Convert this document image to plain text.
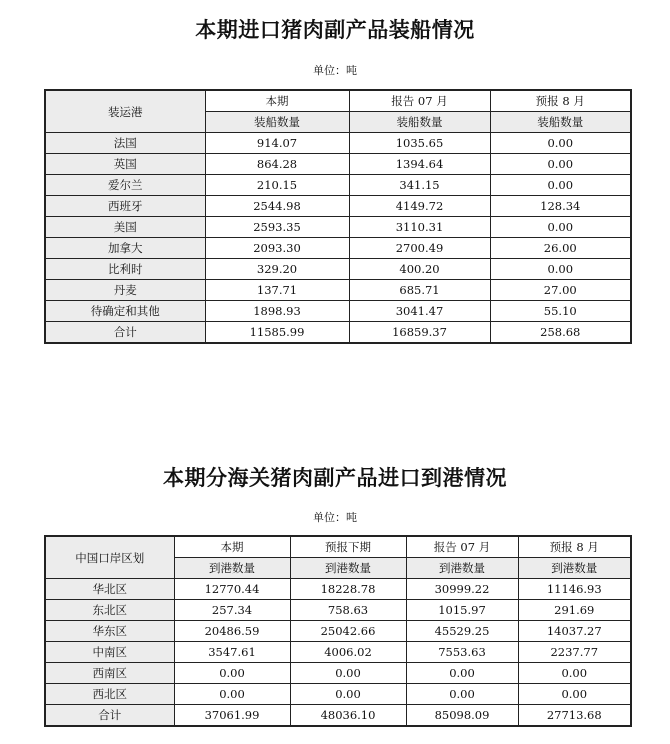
本期进口猪肉副产品装船情况
单位：吨
装运港	本期	报告 07 月	预报 8 月
	装船数量	装船数量	装船数量
法国	914.07	1035.65	0.00
英国	864.28	1394.64	0.00
爱尔兰	210.15	341.15	0.00
西班牙	2544.98	4149.72	128.34
美国	2593.35	3110.31	0.00
加拿大	2093.30	2700.49	26.00
比利时	329.20	400.20	0.00
丹麦	137.71	685.71	27.00
待确定和其他	1898.93	3041.47	55.10
合计	11585.99	16859.37	258.68
本期分海关猪肉副产品进口到港情况
单位：吨
中国口岸区划	本期	预报下期	报告 07 月	预报 8 月
	到港数量	到港数量	到港数量	到港数量
华北区	12770.44	18228.78	30999.22	11146.93
东北区	257.34	758.63	1015.97	291.69
华东区	20486.59	25042.66	45529.25	14037.27
中南区	3547.61	4006.02	7553.63	2237.77
西南区	0.00	0.00	0.00	0.00
西北区	0.00	0.00	0.00	0.00
合计	37061.99	48036.10	85098.09	27713.68
